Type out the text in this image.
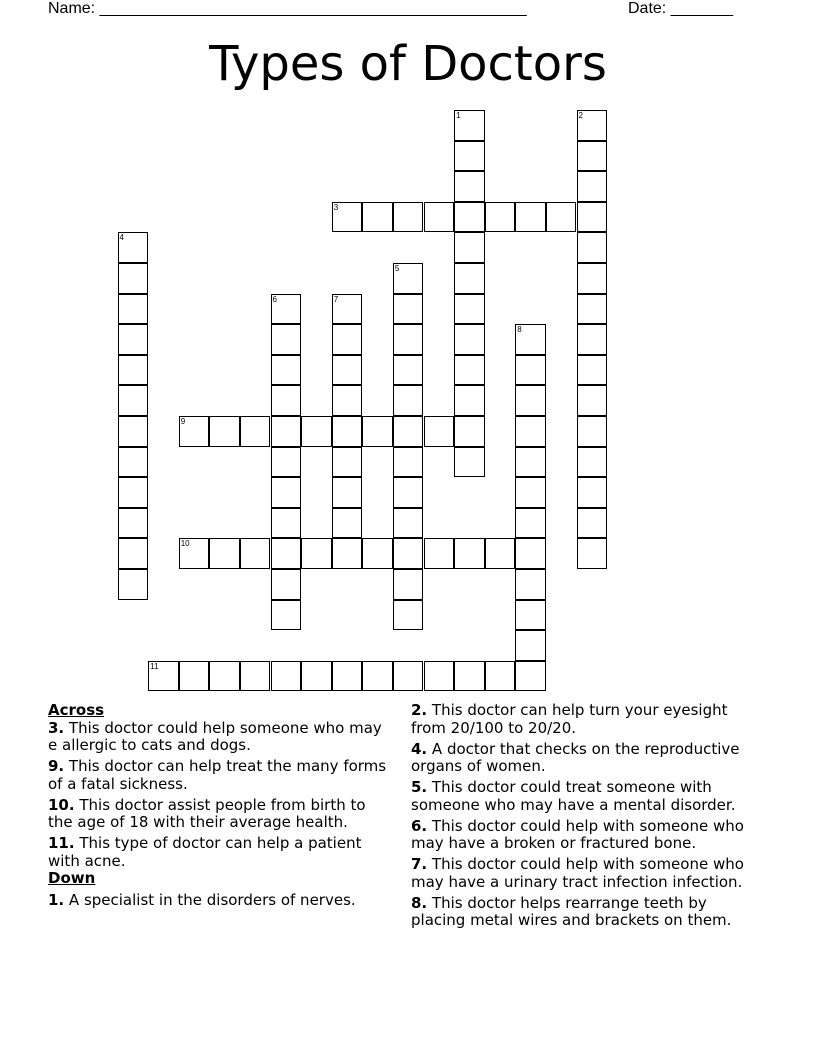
Name: ________________________________________________	Date: _______
Types of Doctors
1	2
3
4
5
6	7
8
9
10
11
Across
3. This doctor could help someone who may e allergic to cats and dogs.
9. This doctor can help treat the many forms of a fatal sickness.
10. This doctor assist people from birth to the age of 18 with their average health.
11. This type of doctor can help a patient with acne.
Down
1. A specialist in the disorders of nerves.
2. This doctor can help turn your eyesight from 20/100 to 20/20.
4. A doctor that checks on the reproductive organs of women.
5. This doctor could treat someone with someone who may have a mental disorder.
6. This doctor could help with someone who may have a broken or fractured bone.
7. This doctor could help with someone who may have a urinary tract infection infection.
8. This doctor helps rearrange teeth by placing metal wires and brackets on them.
